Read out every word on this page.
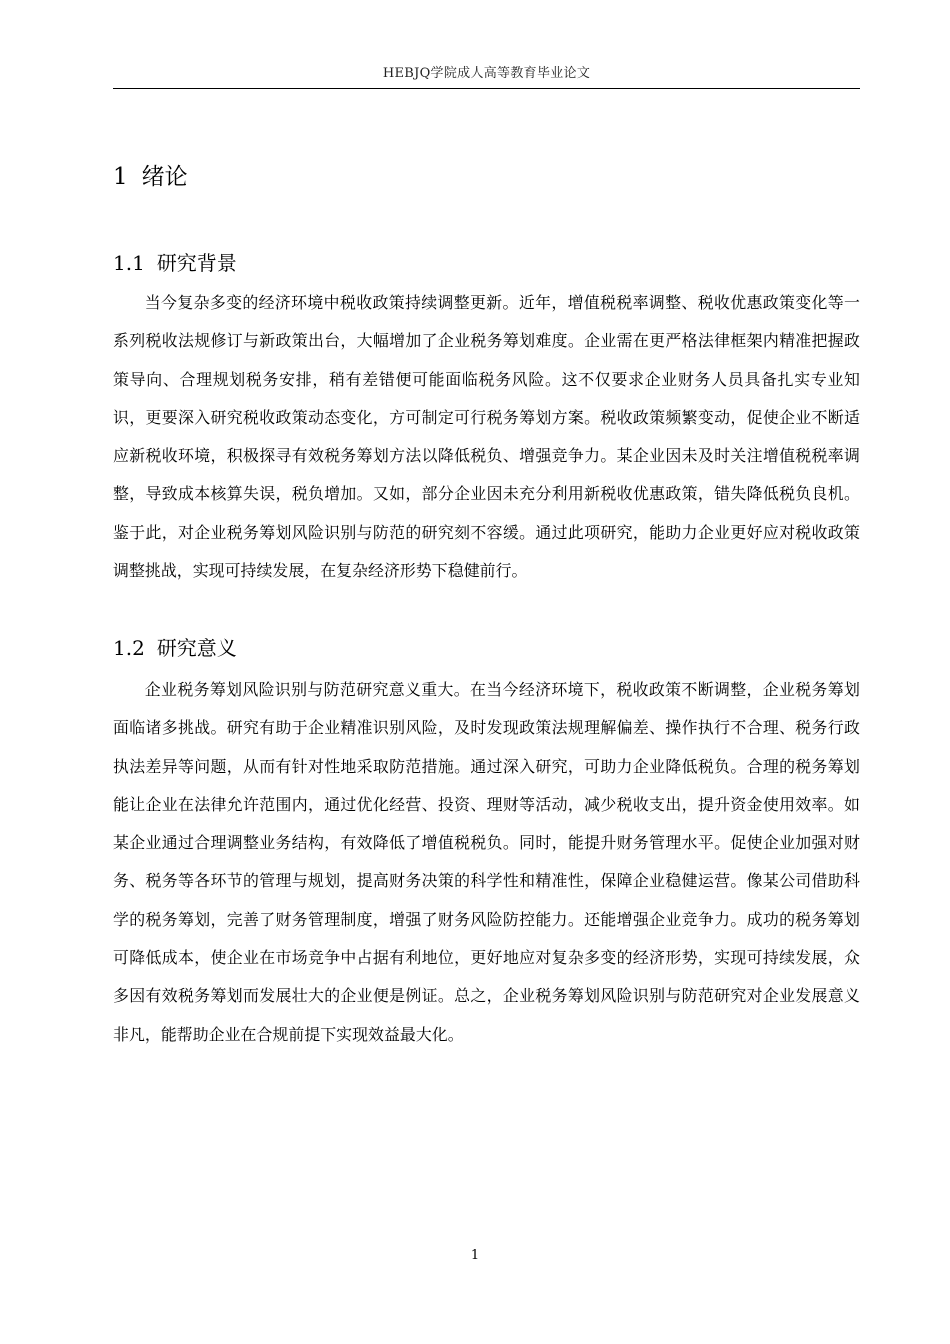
HEBJQ学院成人高等教育毕业论文
1 绪论
1.1 研究背景

当今复杂多变的经济环境中税收政策持续调整更新。近年，增值税税率调整、税收优惠政策变化等一系列税收法规修订与新政策出台，大幅增加了企业税务筹划难度。企业需在更严格法律框架内精准把握政策导向、合理规划税务安排，稍有差错便可能面临税务风险。这不仅要求企业财务人员具备扎实专业知识，更要深入研究税收政策动态变化，方可制定可行税务筹划方案。税收政策频繁变动，促使企业不断适应新税收环境，积极探寻有效税务筹划方法以降低税负、增强竞争力。某企业因未及时关注增值税税率调整，导致成本核算失误，税负增加。又如，部分企业因未充分利用新税收优惠政策，错失降低税负良机。鉴于此，对企业税务筹划风险识别与防范的研究刻不容缓。通过此项研究，能助力企业更好应对税收政策调整挑战，实现可持续发展，在复杂经济形势下稳健前行。

1.2 研究意义

企业税务筹划风险识别与防范研究意义重大。在当今经济环境下，税收政策不断调整，企业税务筹划面临诸多挑战。研究有助于企业精准识别风险，及时发现政策法规理解偏差、操作执行不合理、税务行政执法差异等问题，从而有针对性地采取防范措施。通过深入研究，可助力企业降低税负。合理的税务筹划能让企业在法律允许范围内，通过优化经营、投资、理财等活动，减少税收支出，提升资金使用效率。如某企业通过合理调整业务结构，有效降低了增值税税负。同时，能提升财务管理水平。促使企业加强对财务、税务等各环节的管理与规划，提高财务决策的科学性和精准性，保障企业稳健运营。像某公司借助科学的税务筹划，完善了财务管理制度，增强了财务风险防控能力。还能增强企业竞争力。成功的税务筹划可降低成本，使企业在市场竞争中占据有利地位，更好地应对复杂多变的经济形势，实现可持续发展，众多因有效税务筹划而发展壮大的企业便是例证。总之，企业税务筹划风险识别与防范研究对企业发展意义非凡，能帮助企业在合规前提下实现效益最大化。

1
